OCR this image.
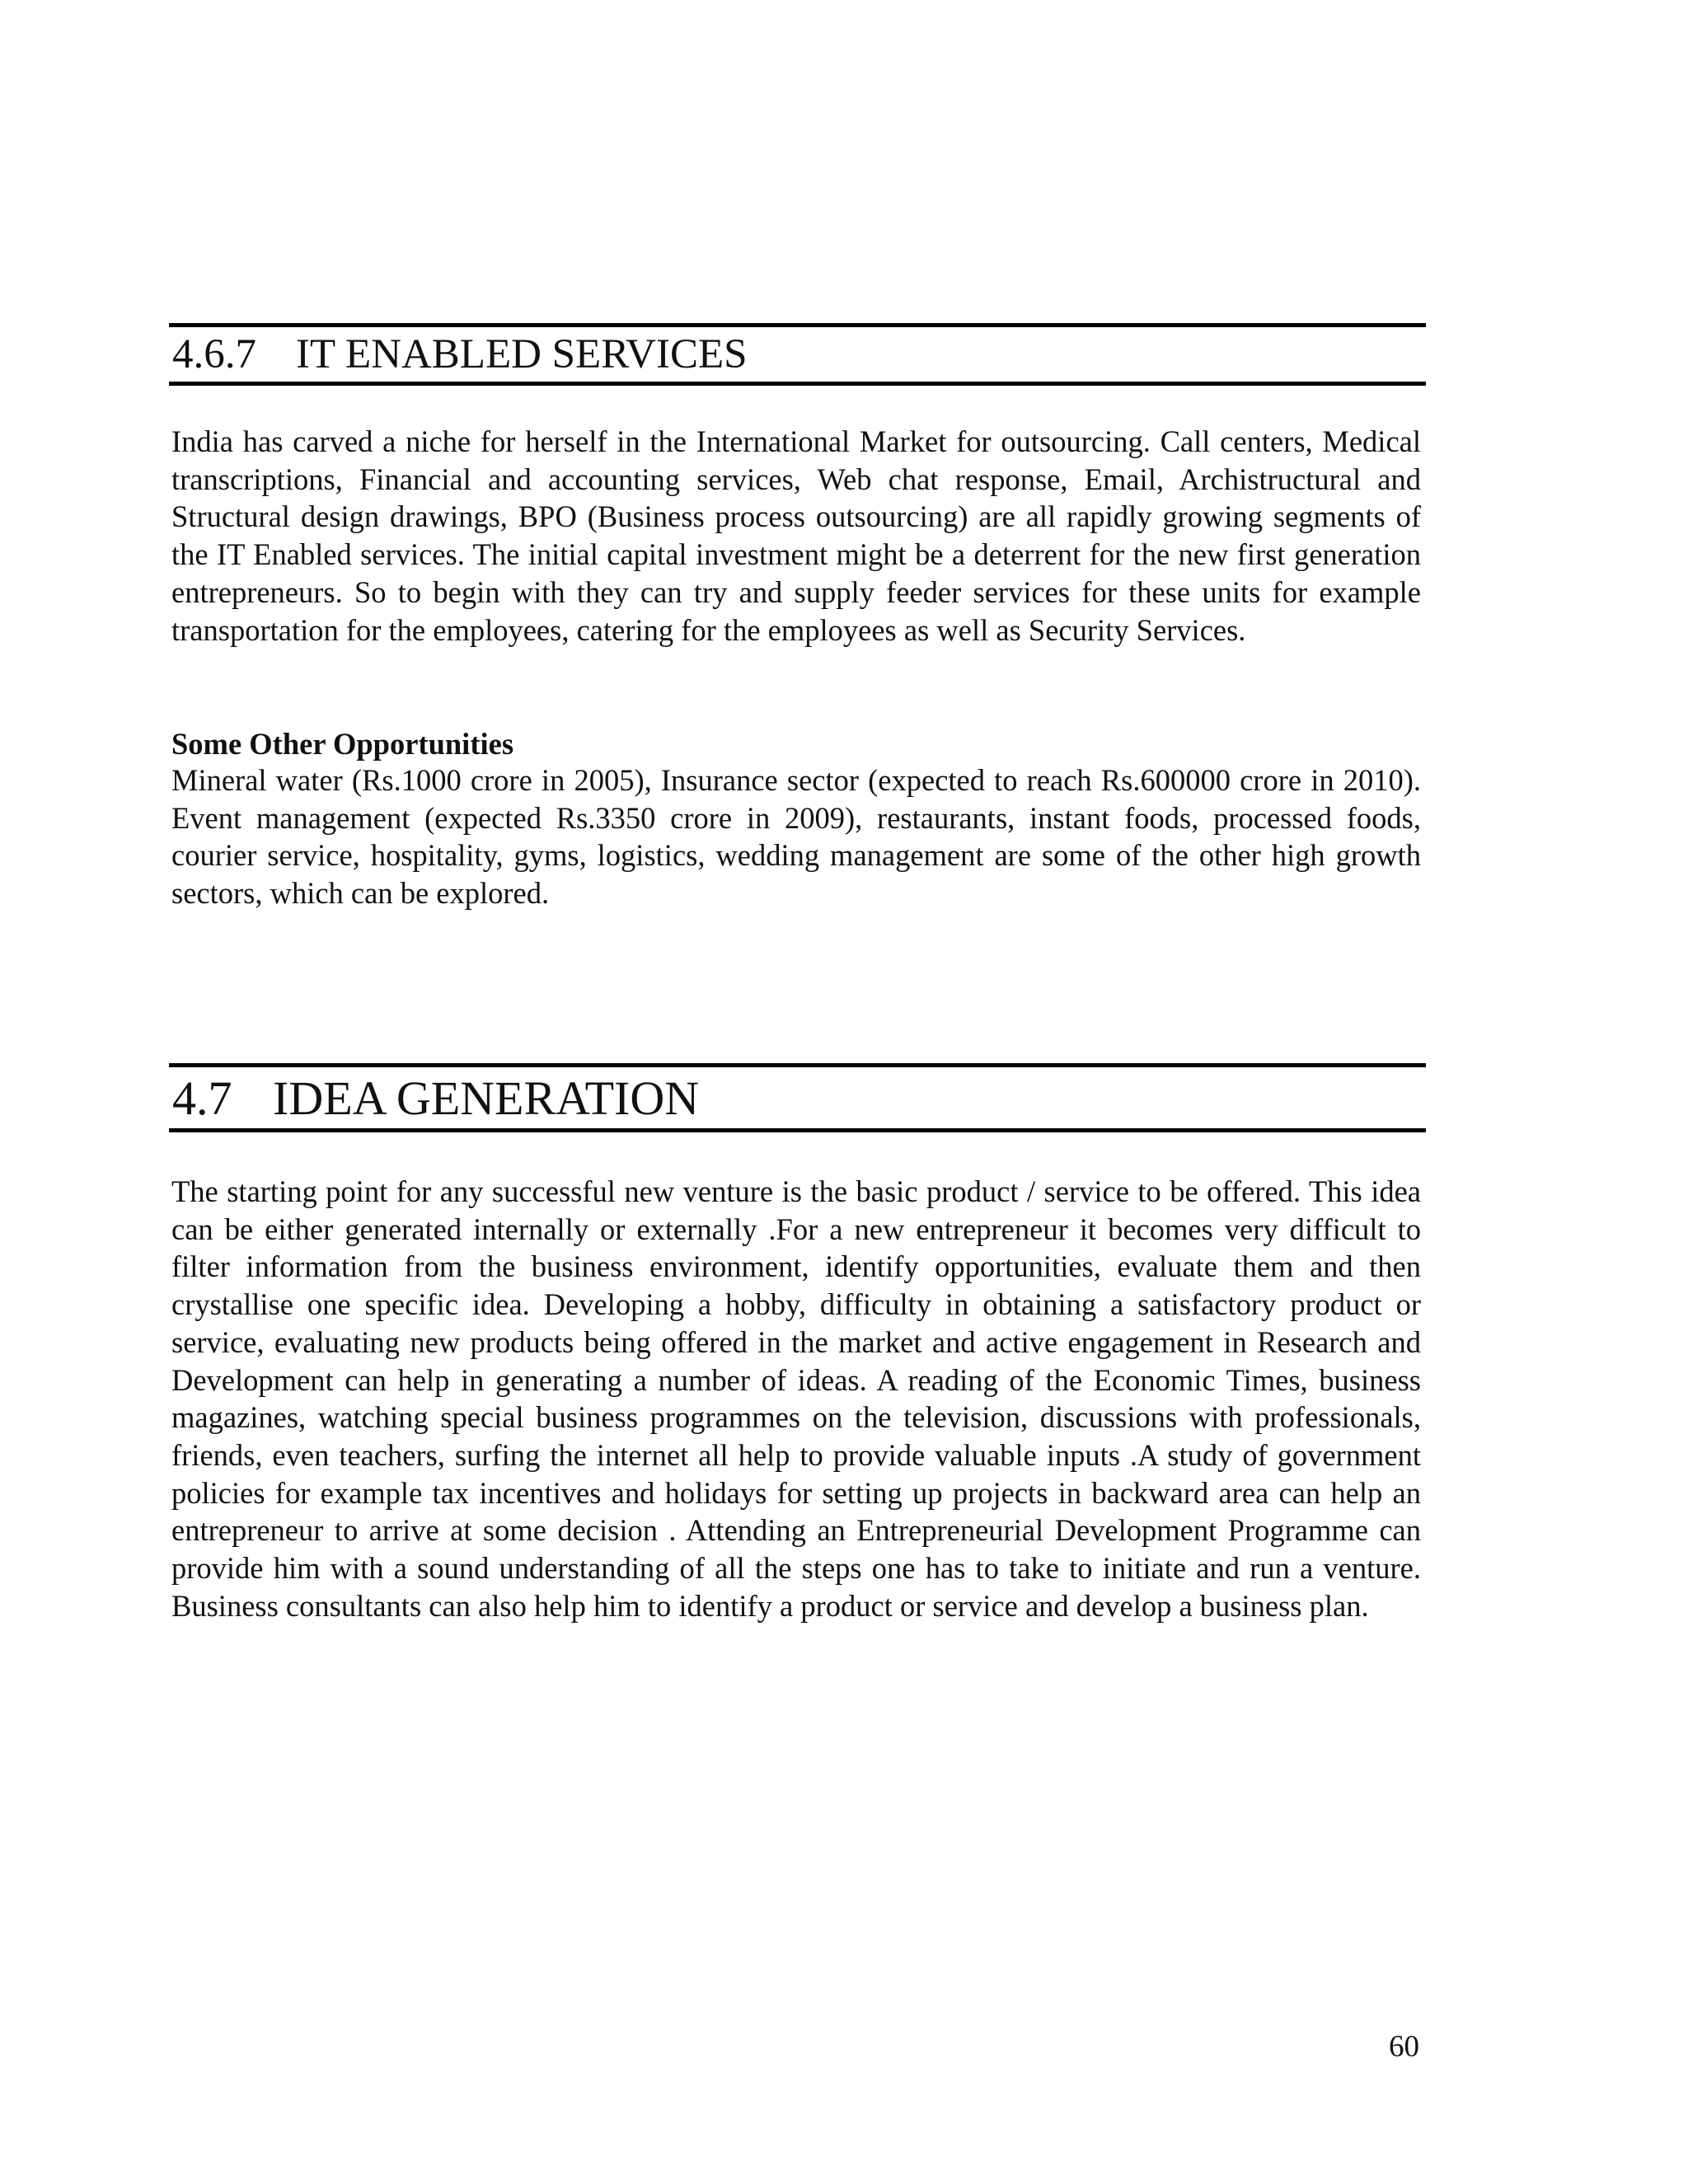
4.6.7 IT ENABLED SERVICES

India has carved a niche for herself in the International Market for outsourcing. Call centers, Medical transcriptions, Financial and accounting services, Web chat response, Email, Archistructural and Structural design drawings, BPO (Business process outsourcing) are all rapidly growing segments of the IT Enabled services. The initial capital investment might be a deterrent for the new first generation entrepreneurs. So to begin with they can try and supply feeder services for these units for example transportation for the employees, catering for the employees as well as Security Services.

Some Other Opportunities

Mineral water (Rs.1000 crore in 2005), Insurance sector (expected to reach Rs.600000 crore in 2010). Event management (expected Rs.3350 crore in 2009), restaurants, instant foods, processed foods, courier service, hospitality, gyms, logistics, wedding management are some of the other high growth sectors, which can be explored.

4.7 IDEA GENERATION

The starting point for any successful new venture is the basic product / service to be offered. This idea can be either generated internally or externally .For a new entrepreneur it becomes very difficult to filter information from the business environment, identify opportunities, evaluate them and then crystallise one specific idea. Developing a hobby, difficulty in obtaining a satisfactory product or service, evaluating new products being offered in the market and active engagement in Research and Development can help in generating a number of ideas. A reading of the Economic Times, business magazines, watching special business programmes on the television, discussions with professionals, friends, even teachers, surfing the internet all help to provide valuable inputs .A study of government policies for example tax incentives and holidays for setting up projects in backward area can help an entrepreneur to arrive at some decision . Attending an Entrepreneurial Development Programme can provide him with a sound understanding of all the steps one has to take to initiate and run a venture. Business consultants can also help him to identify a product or service and develop a business plan.

60
